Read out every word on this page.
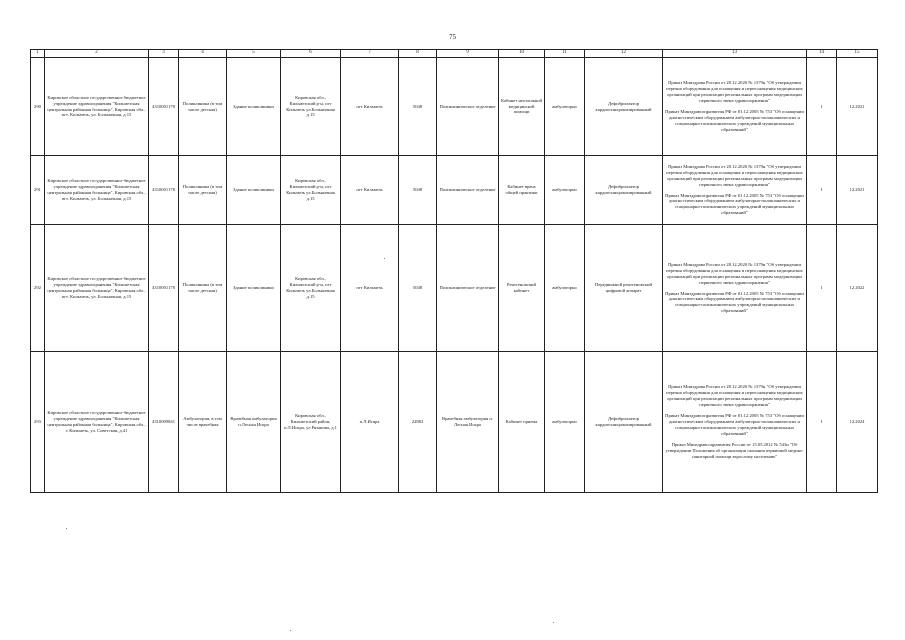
75
1	2	3	4	5	6	7	8	9	10	11	12	13	14	15
290	Кировское областное государственное бюджетное учреждение здравоохранения "Кильмезская центральная районная больница", Кировская обл., пгт. Кильмезь, ул. Больничная, д.15	4310001178	Поликлиника (в том числе детская)	Здание поликлиники	Кировская обл., Кильмезский р-н, пгт Кильмезь ул.Больничная д.15	пгт Кильмезь	5048	Поликлиническое отделение	Кабинет неотложной медицинской помощи	амбулаторно	Дефибриллятор кардиосинхронизированный	Приказ Минздрава России от 28.12.2020 № 1379н "Об утверждении перечня оборудования для оснащения и переоснащения медицинских организаций при реализации региональных программ модернизации первичного звена здравоохранения"

Приказ Минздравсоцразвития РФ от 01.12.2005 № 753 "Об оснащении диагностическим оборудованием амбулаторно-поликлинических и стационарно-поликлинических учреждений муниципальных образований"	1	12.2021
291	Кировское областное государственное бюджетное учреждение здравоохранения "Кильмезская центральная районная больница", Кировская обл., пгт. Кильмезь, ул. Больничная, д.15	4310001178	Поликлиника (в том числе детская)	Здание поликлиники	Кировская обл., Кильмезский р-н, пгт Кильмезь ул.Больничная д.15	пгт Кильмезь	5048	Поликлиническое отделение	Кабинет врача общей практики	амбулаторно	Дефибриллятор кардиосинхронизированный	Приказ Минздрава России от 28.12.2020 № 1379н "Об утверждении перечня оборудования для оснащения и переоснащения медицинских организаций при реализации региональных программ модернизации первичного звена здравоохранения"

Приказ Минздравсоцразвития РФ от 01.12.2005 № 753 "Об оснащении диагностическим оборудованием амбулаторно-поликлинических и стационарно-поликлинических учреждений муниципальных образований"	1	12.2021
292	Кировское областное государственное бюджетное учреждение здравоохранения "Кильмезская центральная районная больница", Кировская обл., пгт. Кильмезь, ул. Больничная, д.15	4310001178	Поликлиника (в том числе детская)	Здание поликлиники	Кировская обл., Кильмезский р-н, пгт Кильмезь ул.Больничная д.15	пгт Кильмезь	5048	Поликлиническое отделение	Рентгеновский кабинет	амбулаторно	Передвижной рентгеновский цифровой аппарат	Приказ Минздрава России от 28.12.2020 № 1379н "Об утверждении перечня оборудования для оснащения и переоснащения медицинских организаций при реализации региональных программ модернизации первичного звена здравоохранения"

Приказ Минздравсоцразвития РФ от 01.12.2005 № 753 "Об оснащении диагностическим оборудованием амбулаторно-поликлинических и стационарно-поликлинических учреждений муниципальных образований"	1	12.2022
293	Кировское областное государственное бюджетное учреждение здравоохранения "Кильмезская центральная районная больница", Кировская обл., г. Кильмезь, ул. Советская, д.41	4310009841	Амбулатория, в том числе врачебная	Врачебная амбулатория п.Лесная Искра	Кировская обл., Кильмезский район, п.Л.Искра, ул Рязанова, д.1	п.Л.Искра	22882	Врачебная амбулатория п. Лесная Искра	Кабинет приема	амбулаторно	Дефибриллятор кардиосинхронизированный	Приказ Минздрава России от 28.12.2020 № 1379н "Об утверждении перечня оборудования для оснащения и переоснащения медицинских организаций при реализации региональных программ модернизации первичного звена здравоохранения"

Приказ Минздравсоцразвития РФ от 01.12.2005 № 753 "Об оснащении диагностическим оборудованием амбулаторно-поликлинических и стационарно-поликлинических учреждений муниципальных образований"

Приказ Минздравсоцразвития России от 15.05.2012 № 543н "Об утверждении Положения об организации оказания первичной медико-санитарной помощи взрослому населению"	1	12.2024
